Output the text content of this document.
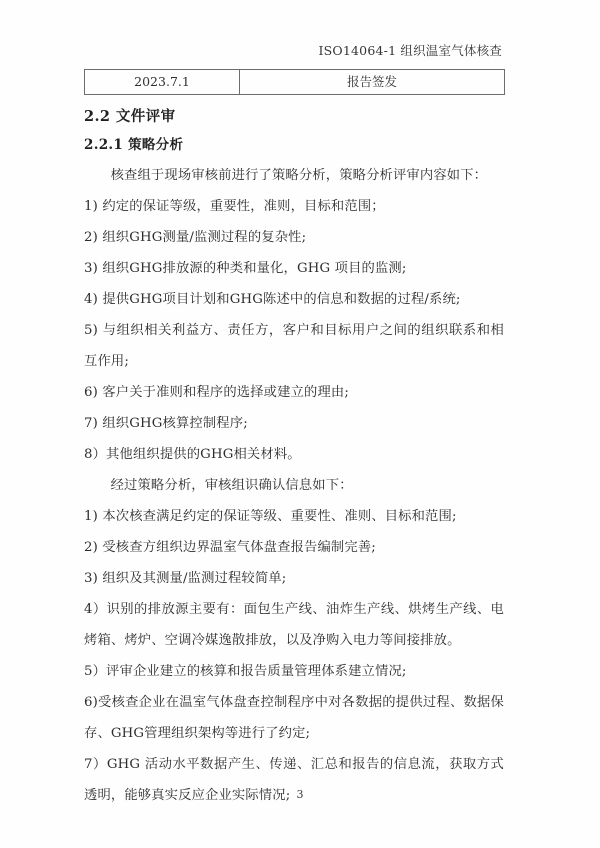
ISO14064-1 组织温室气体核查
2023.7.1	报告签发
2.2 文件评审
2.2.1 策略分析

核查组于现场审核前进行了策略分析，策略分析评审内容如下：

1) 约定的保证等级，重要性，准则，目标和范围；

2) 组织GHG测量/监测过程的复杂性;

3) 组织GHG排放源的种类和量化，GHG 项目的监测;

4) 提供GHG项目计划和GHG陈述中的信息和数据的过程/系统;

5) 与组织相关利益方、责任方，客户和目标用户之间的组织联系和相互作用;

6) 客户关于准则和程序的选择或建立的理由;

7) 组织GHG核算控制程序;

8）其他组织提供的GHG相关材料。

经过策略分析，审核组识确认信息如下：

1) 本次核查满足约定的保证等级、重要性、准则、目标和范围;

2) 受核查方组织边界温室气体盘查报告编制完善;

3) 组织及其测量/监测过程较简单;

4）识别的排放源主要有：面包生产线、油炸生产线、烘烤生产线、电烤箱、烤炉、空调冷媒逸散排放，以及净购入电力等间接排放。

5）评审企业建立的核算和报告质量管理体系建立情况;

6)受核查企业在温室气体盘查控制程序中对各数据的提供过程、数据保存、GHG管理组织架构等进行了约定;

7）GHG 活动水平数据产生、传递、汇总和报告的信息流，获取方式透明，能够真实反应企业实际情况; 3
